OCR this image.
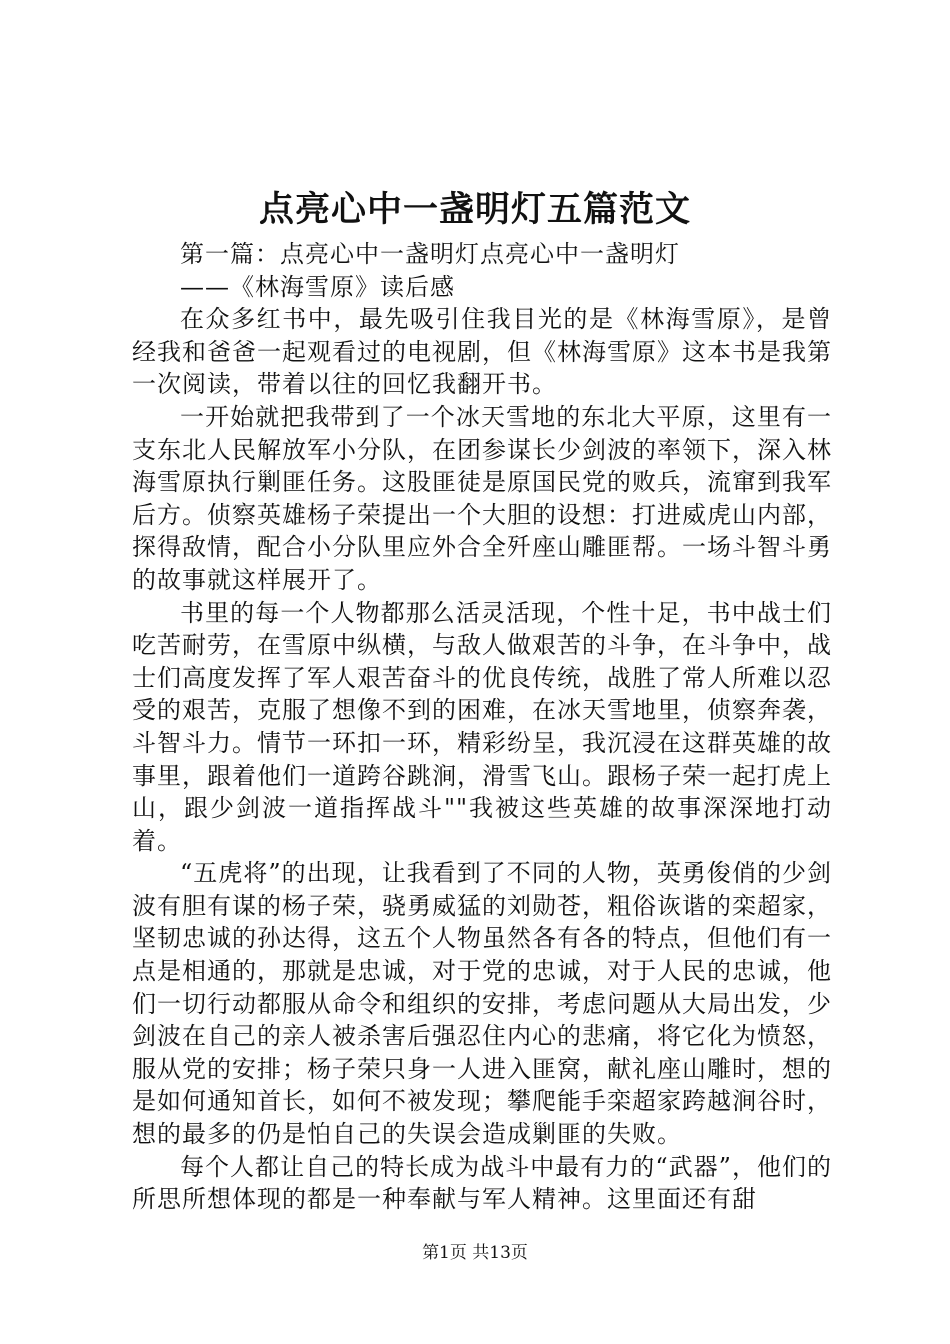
点亮心中一盏明灯五篇范文

第一篇：点亮心中一盏明灯点亮心中一盏明灯

——《林海雪原》读后感

在众多红书中，最先吸引住我目光的是《林海雪原》，是曾经我和爸爸一起观看过的电视剧，但《林海雪原》这本书是我第一次阅读，带着以往的回忆我翻开书。

一开始就把我带到了一个冰天雪地的东北大平原，这里有一支东北人民解放军小分队，在团参谋长少剑波的率领下，深入林海雪原执行剿匪任务。这股匪徒是原国民党的败兵，流窜到我军后方。侦察英雄杨子荣提出一个大胆的设想：打进威虎山内部，探得敌情，配合小分队里应外合全歼座山雕匪帮。一场斗智斗勇的故事就这样展开了。

书里的每一个人物都那么活灵活现，个性十足，书中战士们吃苦耐劳，在雪原中纵横，与敌人做艰苦的斗争，在斗争中，战士们高度发挥了军人艰苦奋斗的优良传统，战胜了常人所难以忍受的艰苦，克服了想像不到的困难，在冰天雪地里，侦察奔袭，斗智斗力。情节一环扣一环，精彩纷呈，我沉浸在这群英雄的故事里，跟着他们一道跨谷跳涧，滑雪飞山。跟杨子荣一起打虎上山，跟少剑波一道指挥战斗""我被这些英雄的故事深深地打动着。

“五虎将”的出现，让我看到了不同的人物，英勇俊俏的少剑波有胆有谋的杨子荣，骁勇威猛的刘勋苍，粗俗诙谐的栾超家，坚韧忠诚的孙达得，这五个人物虽然各有各的特点，但他们有一点是相通的，那就是忠诚，对于党的忠诚，对于人民的忠诚，他们一切行动都服从命令和组织的安排，考虑问题从大局出发，少剑波在自己的亲人被杀害后强忍住内心的悲痛，将它化为愤怒，服从党的安排；杨子荣只身一人进入匪窝，献礼座山雕时，想的是如何通知首长，如何不被发现；攀爬能手栾超家跨越涧谷时，想的最多的仍是怕自己的失误会造成剿匪的失败。

每个人都让自己的特长成为战斗中最有力的“武器”，他们的所思所想体现的都是一种奉献与军人精神。这里面还有甜

第1页 共13页
